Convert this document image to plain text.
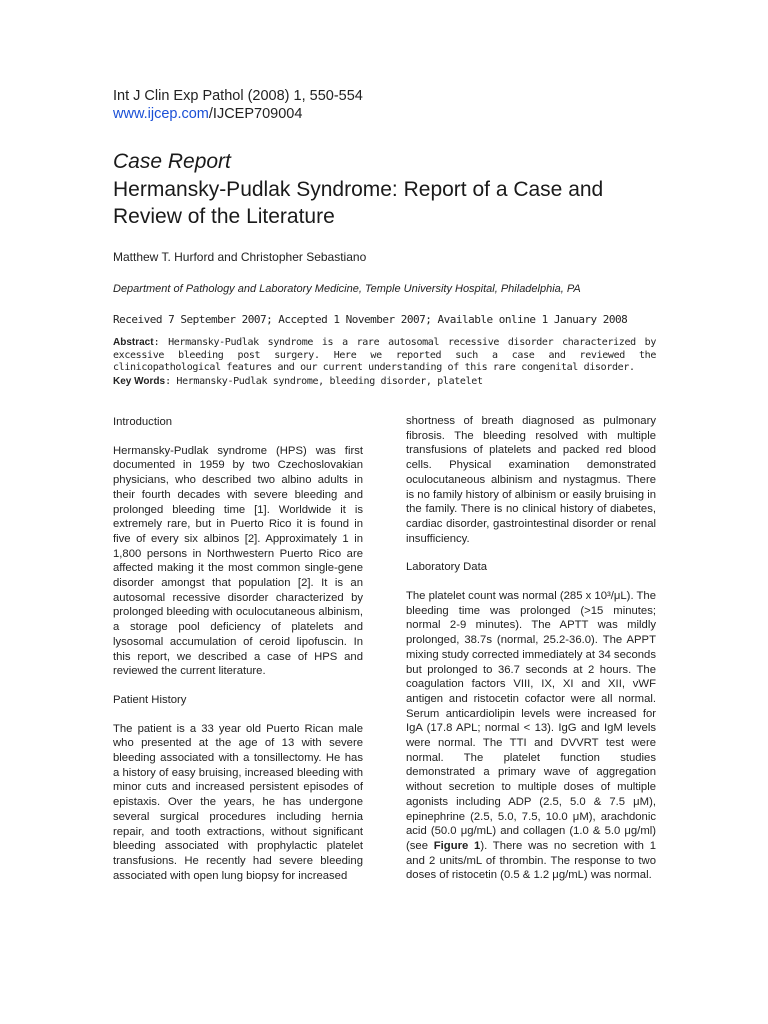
Int J Clin Exp Pathol (2008) 1, 550-554
www.ijcep.com/IJCEP709004
Case Report
Hermansky-Pudlak Syndrome: Report of a Case and Review of the Literature
Matthew T. Hurford and Christopher Sebastiano
Department of Pathology and Laboratory Medicine, Temple University Hospital, Philadelphia, PA
Received 7 September 2007; Accepted 1 November 2007; Available online 1 January 2008
Abstract: Hermansky-Pudlak syndrome is a rare autosomal recessive disorder characterized by excessive bleeding post surgery. Here we reported such a case and reviewed the clinicopathological features and our current understanding of this rare congenital disorder.
Key Words: Hermansky-Pudlak syndrome, bleeding disorder, platelet
Introduction

Hermansky-Pudlak syndrome (HPS) was first documented in 1959 by two Czechoslovakian physicians, who described two albino adults in their fourth decades with severe bleeding and prolonged bleeding time [1]. Worldwide it is extremely rare, but in Puerto Rico it is found in five of every six albinos [2]. Approximately 1 in 1,800 persons in Northwestern Puerto Rico are affected making it the most common single-gene disorder amongst that population [2]. It is an autosomal recessive disorder characterized by prolonged bleeding with oculocutaneous albinism, a storage pool deficiency of platelets and lysosomal accumulation of ceroid lipofuscin. In this report, we described a case of HPS and reviewed the current literature.

Patient History

The patient is a 33 year old Puerto Rican male who presented at the age of 13 with severe bleeding associated with a tonsillectomy. He has a history of easy bruising, increased bleeding with minor cuts and increased persistent episodes of epistaxis. Over the years, he has undergone several surgical procedures including hernia repair, and tooth extractions, without significant bleeding associated with prophylactic platelet transfusions. He recently had severe bleeding associated with open lung biopsy for increased

shortness of breath diagnosed as pulmonary fibrosis. The bleeding resolved with multiple transfusions of platelets and packed red blood cells. Physical examination demonstrated oculocutaneous albinism and nystagmus. There is no family history of albinism or easily bruising in the family. There is no clinical history of diabetes, cardiac disorder, gastrointestinal disorder or renal insufficiency.

Laboratory Data

The platelet count was normal (285 x 10³/μL). The bleeding time was prolonged (>15 minutes; normal 2-9 minutes). The APTT was mildly prolonged, 38.7s (normal, 25.2-36.0). The APPT mixing study corrected immediately at 34 seconds but prolonged to 36.7 seconds at 2 hours. The coagulation factors VIII, IX, XI and XII, vWF antigen and ristocetin cofactor were all normal. Serum anticardiolipin levels were increased for IgA (17.8 APL; normal < 13). IgG and IgM levels were normal. The TTI and DVVRT test were normal. The platelet function studies demonstrated a primary wave of aggregation without secretion to multiple doses of multiple agonists including ADP (2.5, 5.0 & 7.5 μM), epinephrine (2.5, 5.0, 7.5, 10.0 μM), arachdonic acid (50.0 μg/mL) and collagen (1.0 & 5.0 μg/ml) (see Figure 1). There was no secretion with 1 and 2 units/mL of thrombin. The response to two doses of ristocetin (0.5 & 1.2 μg/mL) was normal.
